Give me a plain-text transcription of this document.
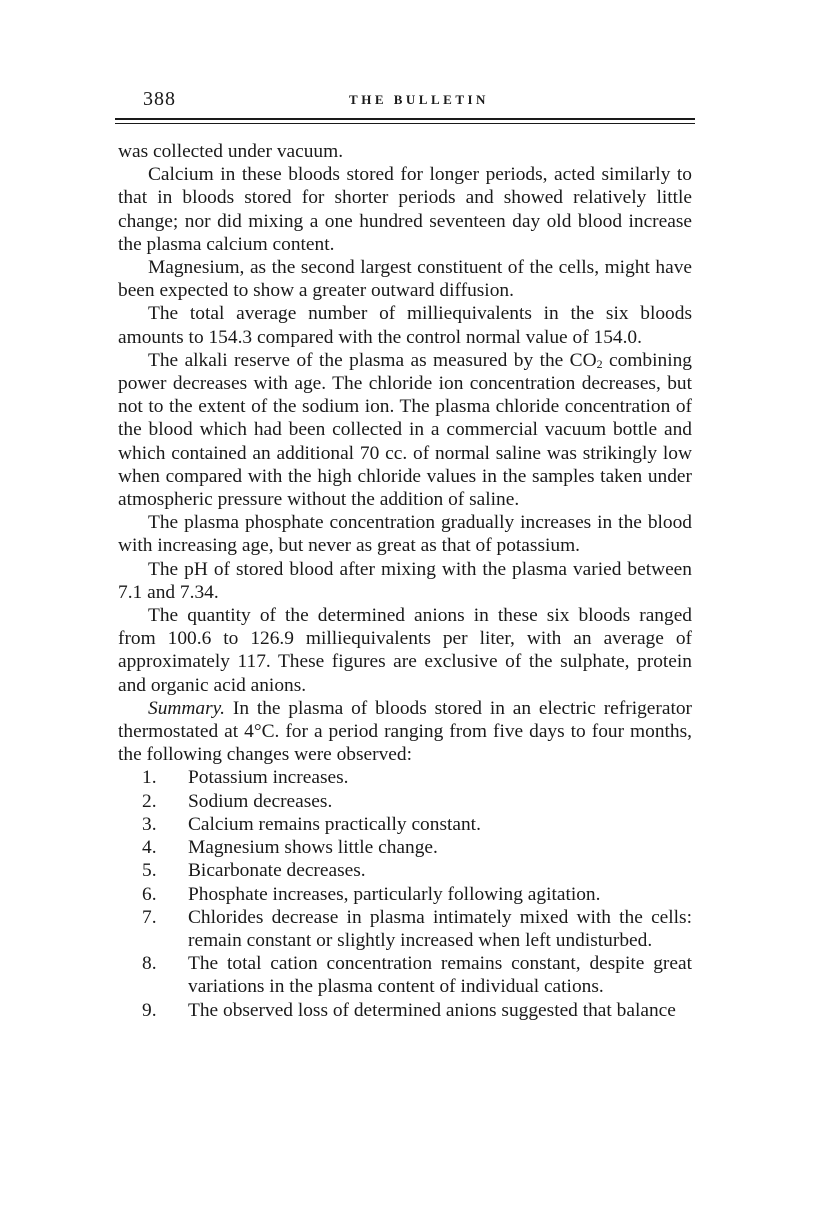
388	THE BULLETIN

was collected under vacuum.

Calcium in these bloods stored for longer periods, acted similarly to that in bloods stored for shorter periods and showed relatively little change; nor did mixing a one hundred seventeen day old blood increase the plasma calcium content.

Magnesium, as the second largest constituent of the cells, might have been expected to show a greater outward diffusion.

The total average number of milliequivalents in the six bloods amounts to 154.3 compared with the control normal value of 154.0.

The alkali reserve of the plasma as measured by the $CO_2$ combining power decreases with age. The chloride ion concentration decreases, but not to the extent of the sodium ion. The plasma chloride concentration of the blood which had been collected in a commercial vacuum bottle and which contained an additional 70 cc. of normal saline was strikingly low when compared with the high chloride values in the samples taken under atmospheric pressure without the addition of saline.

The plasma phosphate concentration gradually increases in the blood with increasing age, but never as great as that of potassium.

The pH of stored blood after mixing with the plasma varied between 7.1 and 7.34.

The quantity of the determined anions in these six bloods ranged from 100.6 to 126.9 milliequivalents per liter, with an average of approximately 117. These figures are exclusive of the sulphate, protein and organic acid anions.

Summary. In the plasma of bloods stored in an electric refrigerator thermostated at 4°C. for a period ranging from five days to four months, the following changes were observed:

1.	Potassium increases.
2.	Sodium decreases.
3.	Calcium remains practically constant.
4.	Magnesium shows little change.
5.	Bicarbonate decreases.
6.	Phosphate increases, particularly following agitation.
7.	Chlorides decrease in plasma intimately mixed with the cells: remain constant or slightly increased when left undisturbed.
8.	The total cation concentration remains constant, despite great variations in the plasma content of individual cations.
9.	The observed loss of determined anions suggested that balance
